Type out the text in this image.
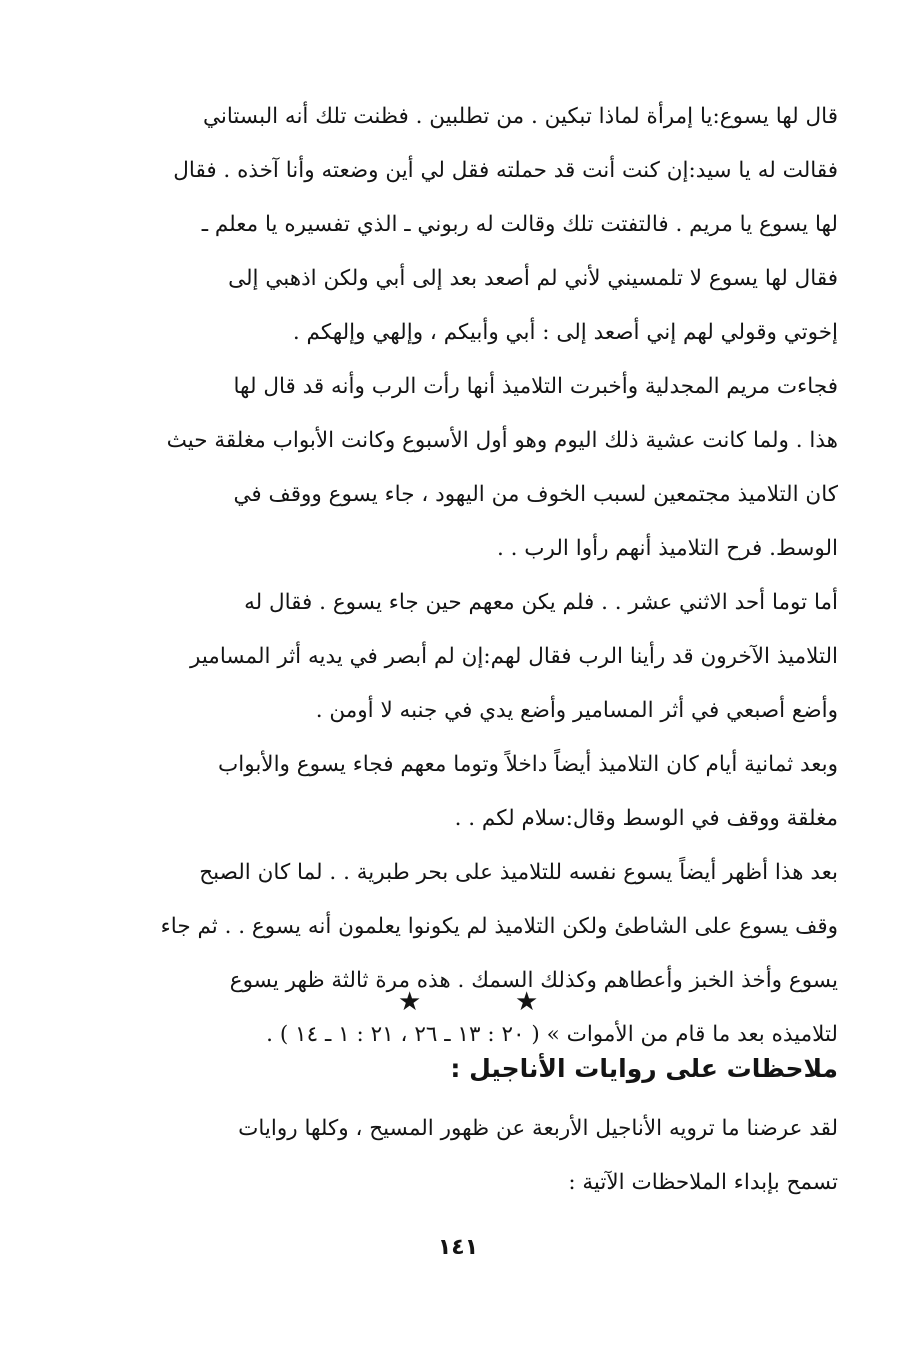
قال لها يسوع:يا إمرأة لماذا تبكين . من تطلبين . فظنت تلك أنه البستاني
فقالت له يا سيد:إن كنت أنت قد حملته فقل لي أين وضعته وأنا آخذه . فقال
لها يسوع يا مريم . فالتفتت تلك وقالت له ربوني ـ الذي تفسيره يا معلم ـ
فقال لها يسوع لا تلمسيني لأني لم أصعد بعد إلى أبي ولكن اذهبي إلى
إخوتي وقولي لهم إني أصعد إلى : أبي وأبيكم ، وإلهي وإلهكم .
فجاءت مريم المجدلية وأخبرت التلاميذ أنها رأت الرب وأنه قد قال لها
هذا . ولما كانت عشية ذلك اليوم وهو أول الأسبوع وكانت الأبواب مغلقة حيث
كان التلاميذ مجتمعين لسبب الخوف من اليهود ، جاء يسوع ووقف في
الوسط. فرح التلاميذ أنهم رأوا الرب . .
أما توما أحد الاثني عشر . . فلم يكن معهم حين جاء يسوع . فقال له
التلاميذ الآخرون قد رأينا الرب فقال لهم:إن لم أبصر في يديه أثر المسامير
وأضع أصبعي في أثر المسامير وأضع يدي في جنبه لا أومن .
وبعد ثمانية أيام كان التلاميذ أيضاً داخلاً وتوما معهم فجاء يسوع والأبواب
مغلقة ووقف في الوسط وقال:سلام لكم . .
بعد هذا أظهر أيضاً يسوع نفسه للتلاميذ على بحر طبرية . . لما كان الصبح
وقف يسوع على الشاطئ ولكن التلاميذ لم يكونوا يعلمون أنه يسوع . . ثم جاء
يسوع وأخذ الخبز وأعطاهم وكذلك السمك . هذه مرة ثالثة ظهر يسوع
لتلاميذه بعد ما قام من الأموات » ( ٢٠ : ١٣ ـ ٢٦ ، ٢١ : ١ ـ ١٤ ) .
★	★
ملاحظات على روايات الأناجيل :
لقد عرضنا ما ترويه الأناجيل الأربعة عن ظهور المسيح ، وكلها روايات
تسمح بإبداء الملاحظات الآتية :
١٤١
